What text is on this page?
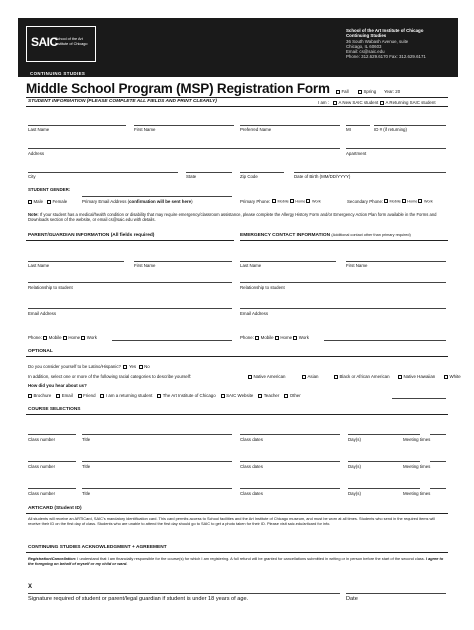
SAIC
School of the Art Institute of Chicago
School of the Art Institute of Chicago
Continuing Studies
36 South Wabash Avenue, suite
Chicago, IL 60603
Email: cs@saic.edu
Phone: 312.629.6170 Fax: 312.629.6171
CONTINUING STUDIES
Middle School Program (MSP) Registration Form	Fall	Spring Year: 20
STUDENT INFORMATION (PLEASE COMPLETE ALL FIELDS AND PRINT CLEARLY)	I am :	A New SAIC student	A Returning SAIC student
Last Name	First Name	Preferred Name	MI	ID # (if returning)
Address	Apartment
City	State	Zip Code	Date of Birth (MM/DD/YYYY)
STUDENT GENDER:
Male	Female	Primary Email Address (confirmation will be sent here)	Primary Phone:	Mobile Home Work	Secondary Phone:	Mobile Home Work
Note: If your student has a medical/health condition or disability that may require emergency/classroom assistance, please complete the Allergy History Form and/or Emergency Action Plan form available in the Forms and Downloads section of the website, or email cs@saic.edu with details.
PARENT/GUARDIAN INFORMATION (All fields required)	EMERGENCY CONTACT INFORMATION (Additional contact other than primary required)
Last Name	First Name	Last Name	First Name
Relationship to student	Relationship to student
Email Address	Email Address
Phone: Mobile Home Work	Phone: Mobile Home Work
OPTIONAL
Do you consider yourself to be Latino/Hispanic? Yes No
In addition, select one or more of the following racial categories to describe yourself:	Native American	Asian	Black or African American	Native Hawaiian	White
How did you hear about us?
Brochure Email Friend I am a returning student The Art Institute of Chicago SAIC Website Teacher Other
COURSE SELECTIONS
Class number	Title	Class dates	Day(s)	Meeting times
Class number	Title	Class dates	Day(s)	Meeting times
Class number	Title	Class dates	Day(s)	Meeting times
ARTICARD (Student ID)
All students will receive an ARTICard, SAIC's mandatory identification card. This card permits access to School facilities and the Art Institute of Chicago museum, and must be worn at all times. Students who send in the required items will receive their ID on the first day of class. Students who are unable to attend the first day should go to SAIC to get a photo taken for their ID. Please visit saic.edu/articard for info.
CONTINUING STUDIES ACKNOWLEDGMENT + AGREEMENT
Registration/Cancellation: I understand that I am financially responsible for the course(s) for which I am registering. A full refund will be granted for cancellations submitted in writing or in person before the start of the second class. I agree to the foregoing on behalf of myself or my child or ward.
X
Signature required of student or parent/legal guardian if student is under 18 years of age.	Date
